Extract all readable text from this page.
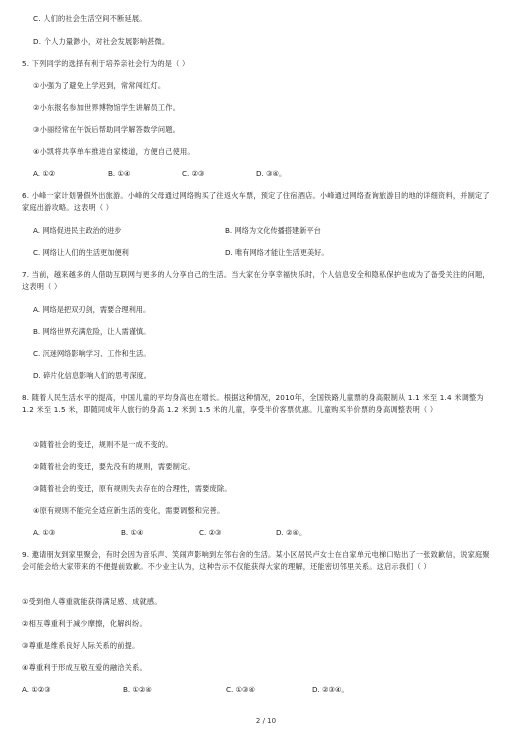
C. 人们的社会生活空间不断延展。
D. 个人力量渺小，对社会发展影响甚微。
5. 下列同学的选择有利于培养亲社会行为的是（ ）
①小强为了避免上学迟到，常常闯红灯。
②小东报名参加世界博物馆学生讲解员工作。
③小丽经常在午饭后帮助同学解答数学问题。
④小凯将共享单车推进自家楼道，方便自己使用。
A. ①②	B. ①④	C. ②③	D. ③④。
6. 小峰一家计划暑假外出旅游。小峰的父母通过网络购买了往返火车票，预定了住宿酒店。小峰通过网络查询旅游目的地的详细资料，并制定了家庭出游攻略。这表明（ ）
A. 网络促进民主政治的进步	B. 网络为文化传播搭建新平台
C. 网络让人们的生活更加便利	D. 唯有网络才能让生活更美好。
7. 当前，越来越多的人借助互联网与更多的人分享自己的生活。当大家在分享幸福快乐时，个人信息安全和隐私保护也成为了备受关注的问题，这表明（ ）
A. 网络是把双刃剑，需要合理利用。
B. 网络世界充满危险，让人需谨慎。
C. 沉迷网络影响学习、工作和生活。
D. 碎片化信息影响人们的思考深度。
8. 随着人民生活水平的提高，中国儿童的平均身高也在增长。根据这种情况，2010年，全国铁路儿童票的身高限制从 1.1 米至 1.4 米调整为 1.2 米至 1.5 米，即随同成年人旅行的身高 1.2 米到 1.5 米的儿童，享受半价客票优惠。儿童购买半价票的身高调整表明（ ）
①随着社会的变迁，规则不是一成不变的。
②随着社会的变迁，要先没有的规则，需要制定。
③随着社会的变迁，原有规则失去存在的合理性，需要废除。
④原有规则不能完全适应新生活的变化，需要调整和完善。
A. ①③	B. ①④	C. ②③	D. ②④。
9. 邀请朋友到家里聚会，有时会因为音乐声、笑闹声影响到左邻右舍的生活。某小区居民卢女士在自家单元电梯口贴出了一张致歉信，说家庭聚会可能会给大家带来的不便提前致歉。不少业主认为，这种告示不仅能获得大家的理解，还能密切邻里关系。这启示我们（ ）
①受到他人尊重就能获得满足感、成就感。
②相互尊重利于减少摩擦，化解纠纷。
③尊重是维系良好人际关系的前提。
④尊重利于形成互敬互爱的融洽关系。
A. ①②③	B. ①②④	C. ①③④	D. ②③④。
2 / 10
